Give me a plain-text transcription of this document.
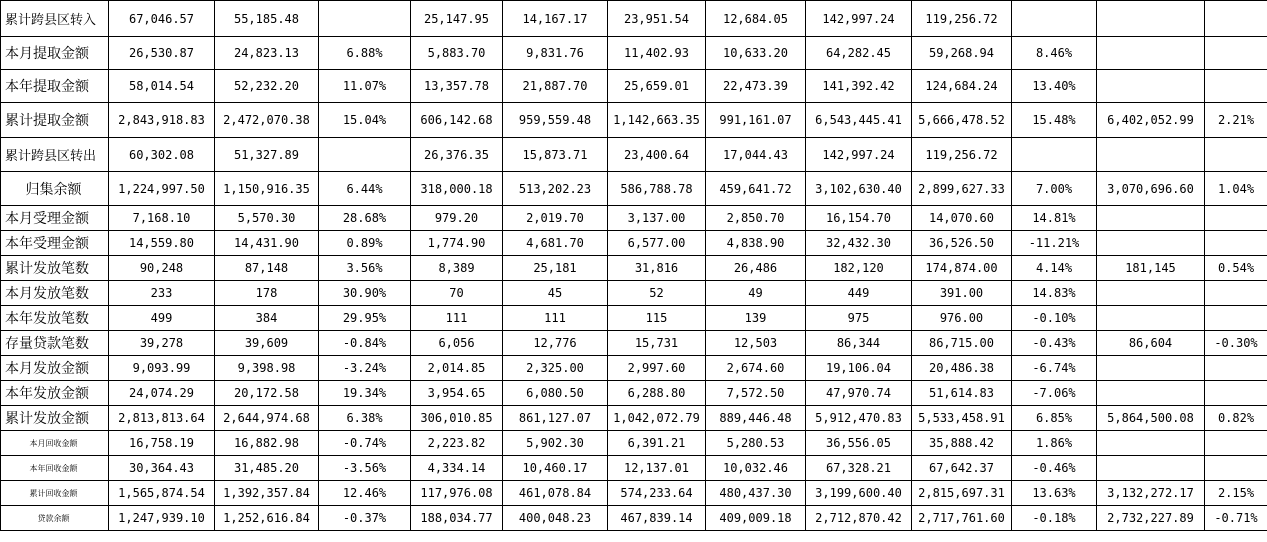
累计跨县区转入	67,046.57	55,185.48		25,147.95	14,167.17	23,951.54	12,684.05	142,997.24	119,256.72			
本月提取金额	26,530.87	24,823.13	6.88%	5,883.70	9,831.76	11,402.93	10,633.20	64,282.45	59,268.94	8.46%		
本年提取金额	58,014.54	52,232.20	11.07%	13,357.78	21,887.70	25,659.01	22,473.39	141,392.42	124,684.24	13.40%		
累计提取金额	2,843,918.83	2,472,070.38	15.04%	606,142.68	959,559.48	1,142,663.35	991,161.07	6,543,445.41	5,666,478.52	15.48%	6,402,052.99	2.21%
累计跨县区转出	60,302.08	51,327.89		26,376.35	15,873.71	23,400.64	17,044.43	142,997.24	119,256.72			
归集余额	1,224,997.50	1,150,916.35	6.44%	318,000.18	513,202.23	586,788.78	459,641.72	3,102,630.40	2,899,627.33	7.00%	3,070,696.60	1.04%
本月受理金额	7,168.10	5,570.30	28.68%	979.20	2,019.70	3,137.00	2,850.70	16,154.70	14,070.60	14.81%		
本年受理金额	14,559.80	14,431.90	0.89%	1,774.90	4,681.70	6,577.00	4,838.90	32,432.30	36,526.50	-11.21%		
累计发放笔数	90,248	87,148	3.56%	8,389	25,181	31,816	26,486	182,120	174,874.00	4.14%	181,145	0.54%
本月发放笔数	233	178	30.90%	70	45	52	49	449	391.00	14.83%		
本年发放笔数	499	384	29.95%	111	111	115	139	975	976.00	-0.10%		
存量贷款笔数	39,278	39,609	-0.84%	6,056	12,776	15,731	12,503	86,344	86,715.00	-0.43%	86,604	-0.30%
本月发放金额	9,093.99	9,398.98	-3.24%	2,014.85	2,325.00	2,997.60	2,674.60	19,106.04	20,486.38	-6.74%		
本年发放金额	24,074.29	20,172.58	19.34%	3,954.65	6,080.50	6,288.80	7,572.50	47,970.74	51,614.83	-7.06%		
累计发放金额	2,813,813.64	2,644,974.68	6.38%	306,010.85	861,127.07	1,042,072.79	889,446.48	5,912,470.83	5,533,458.91	6.85%	5,864,500.08	0.82%
本月回收金额	16,758.19	16,882.98	-0.74%	2,223.82	5,902.30	6,391.21	5,280.53	36,556.05	35,888.42	1.86%		
本年回收金额	30,364.43	31,485.20	-3.56%	4,334.14	10,460.17	12,137.01	10,032.46	67,328.21	67,642.37	-0.46%		
累计回收金额	1,565,874.54	1,392,357.84	12.46%	117,976.08	461,078.84	574,233.64	480,437.30	3,199,600.40	2,815,697.31	13.63%	3,132,272.17	2.15%
贷款余额	1,247,939.10	1,252,616.84	-0.37%	188,034.77	400,048.23	467,839.14	409,009.18	2,712,870.42	2,717,761.60	-0.18%	2,732,227.89	-0.71%
